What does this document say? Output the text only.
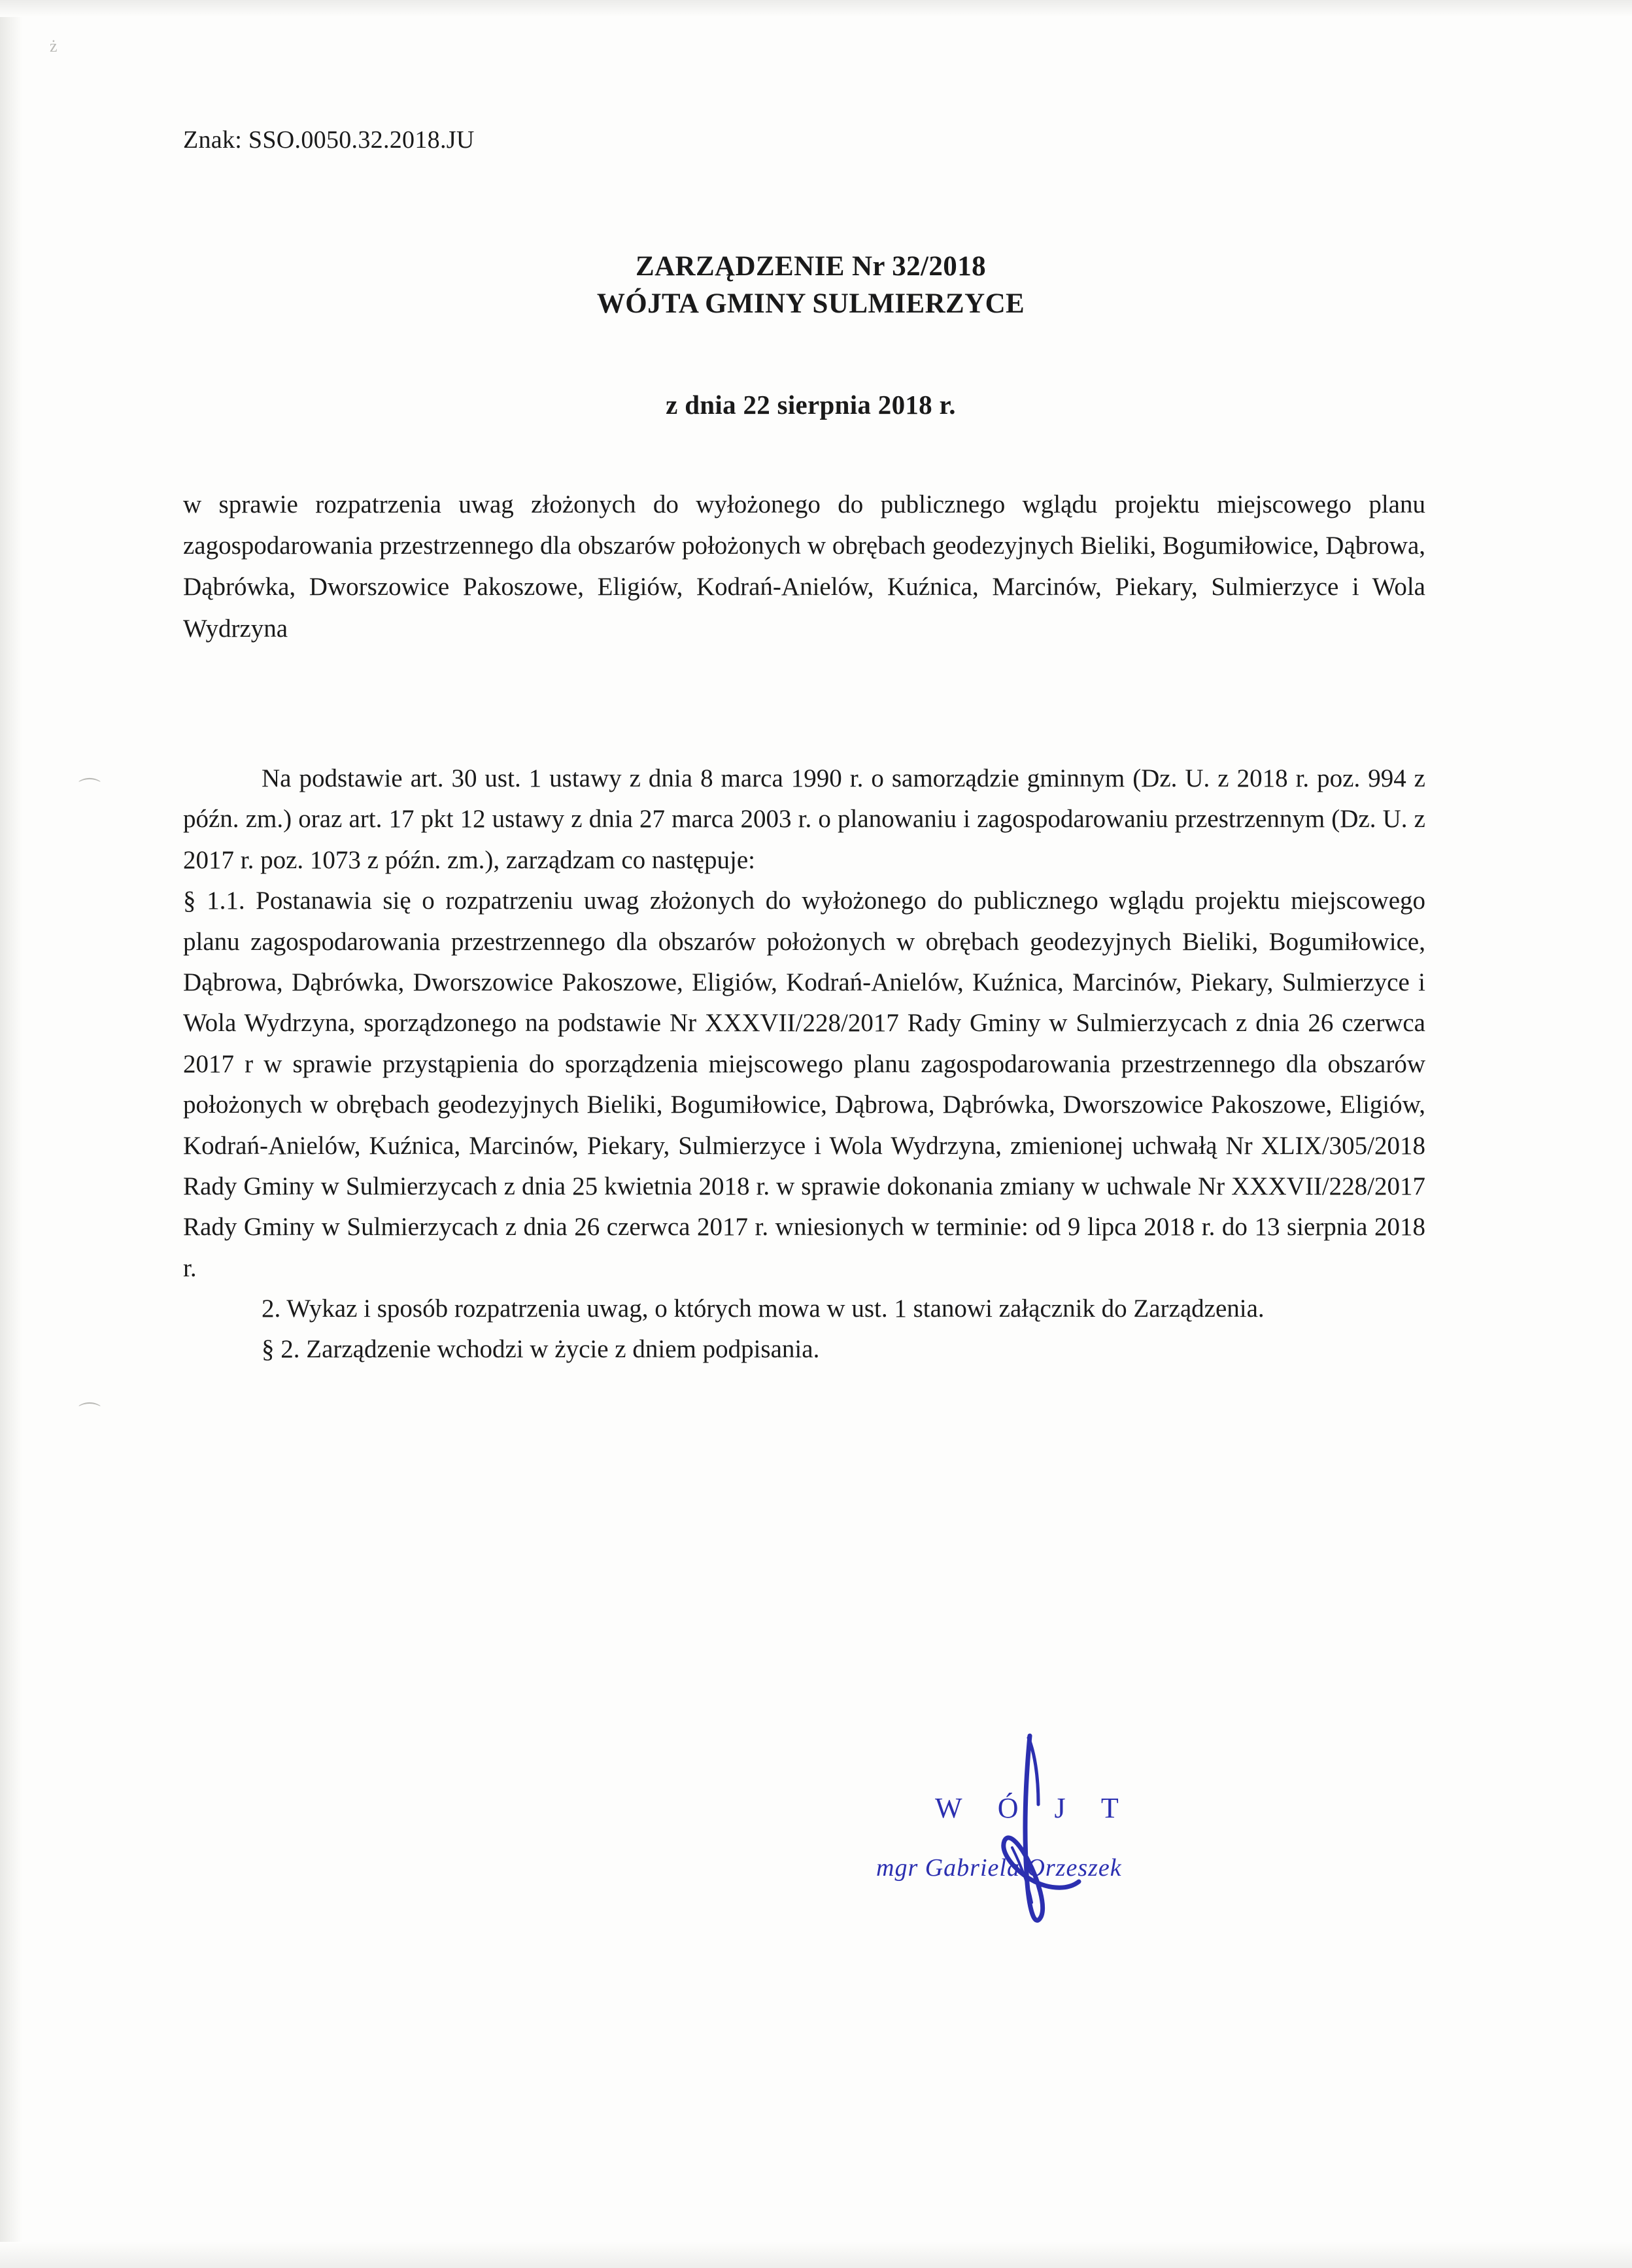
ż
⌒
⌒
Znak: SSO.0050.32.2018.JU
ZARZĄDZENIE Nr 32/2018
WÓJTA GMINY SULMIERZYCE
z dnia 22 sierpnia 2018 r.
w sprawie rozpatrzenia uwag złożonych do wyłożonego do publicznego wglądu projektu miejscowego planu zagospodarowania przestrzennego dla obszarów położonych w obrębach geodezyjnych Bieliki, Bogumiłowice, Dąbrowa, Dąbrówka, Dworszowice Pakoszowe, Eligiów, Kodrań-Anielów, Kuźnica, Marcinów, Piekary, Sulmierzyce i Wola Wydrzyna

Na podstawie art. 30 ust. 1 ustawy z dnia 8 marca 1990 r. o samorządzie gminnym (Dz. U. z 2018 r. poz. 994 z późn. zm.) oraz art. 17 pkt 12 ustawy z dnia 27 marca 2003 r. o planowaniu i zagospodarowaniu przestrzennym (Dz. U. z 2017 r. poz. 1073 z późn. zm.), zarządzam co następuje:

§ 1.1. Postanawia się o rozpatrzeniu uwag złożonych do wyłożonego do publicznego wglądu projektu miejscowego planu zagospodarowania przestrzennego dla obszarów położonych w obrębach geodezyjnych Bieliki, Bogumiłowice, Dąbrowa, Dąbrówka, Dworszowice Pakoszowe, Eligiów, Kodrań-Anielów, Kuźnica, Marcinów, Piekary, Sulmierzyce i Wola Wydrzyna, sporządzonego na podstawie Nr XXXVII/228/2017 Rady Gminy w Sulmierzycach z dnia 26 czerwca 2017 r w sprawie przystąpienia do sporządzenia miejscowego planu zagospodarowania przestrzennego dla obszarów położonych w obrębach geodezyjnych Bieliki, Bogumiłowice, Dąbrowa, Dąbrówka, Dworszowice Pakoszowe, Eligiów, Kodrań-Anielów, Kuźnica, Marcinów, Piekary, Sulmierzyce i Wola Wydrzyna, zmienionej uchwałą Nr XLIX/305/2018 Rady Gminy w Sulmierzycach z dnia 25 kwietnia 2018 r. w sprawie dokonania zmiany w uchwale Nr XXXVII/228/2017 Rady Gminy w Sulmierzycach z dnia 26 czerwca 2017 r. wniesionych w terminie: od 9 lipca 2018 r. do 13 sierpnia 2018 r.

2. Wykaz i sposób rozpatrzenia uwag, o których mowa w ust. 1 stanowi załącznik do Zarządzenia.

§ 2. Zarządzenie wchodzi w życie z dniem podpisania.

W Ó J T
mgr Gabriela Orzeszek
